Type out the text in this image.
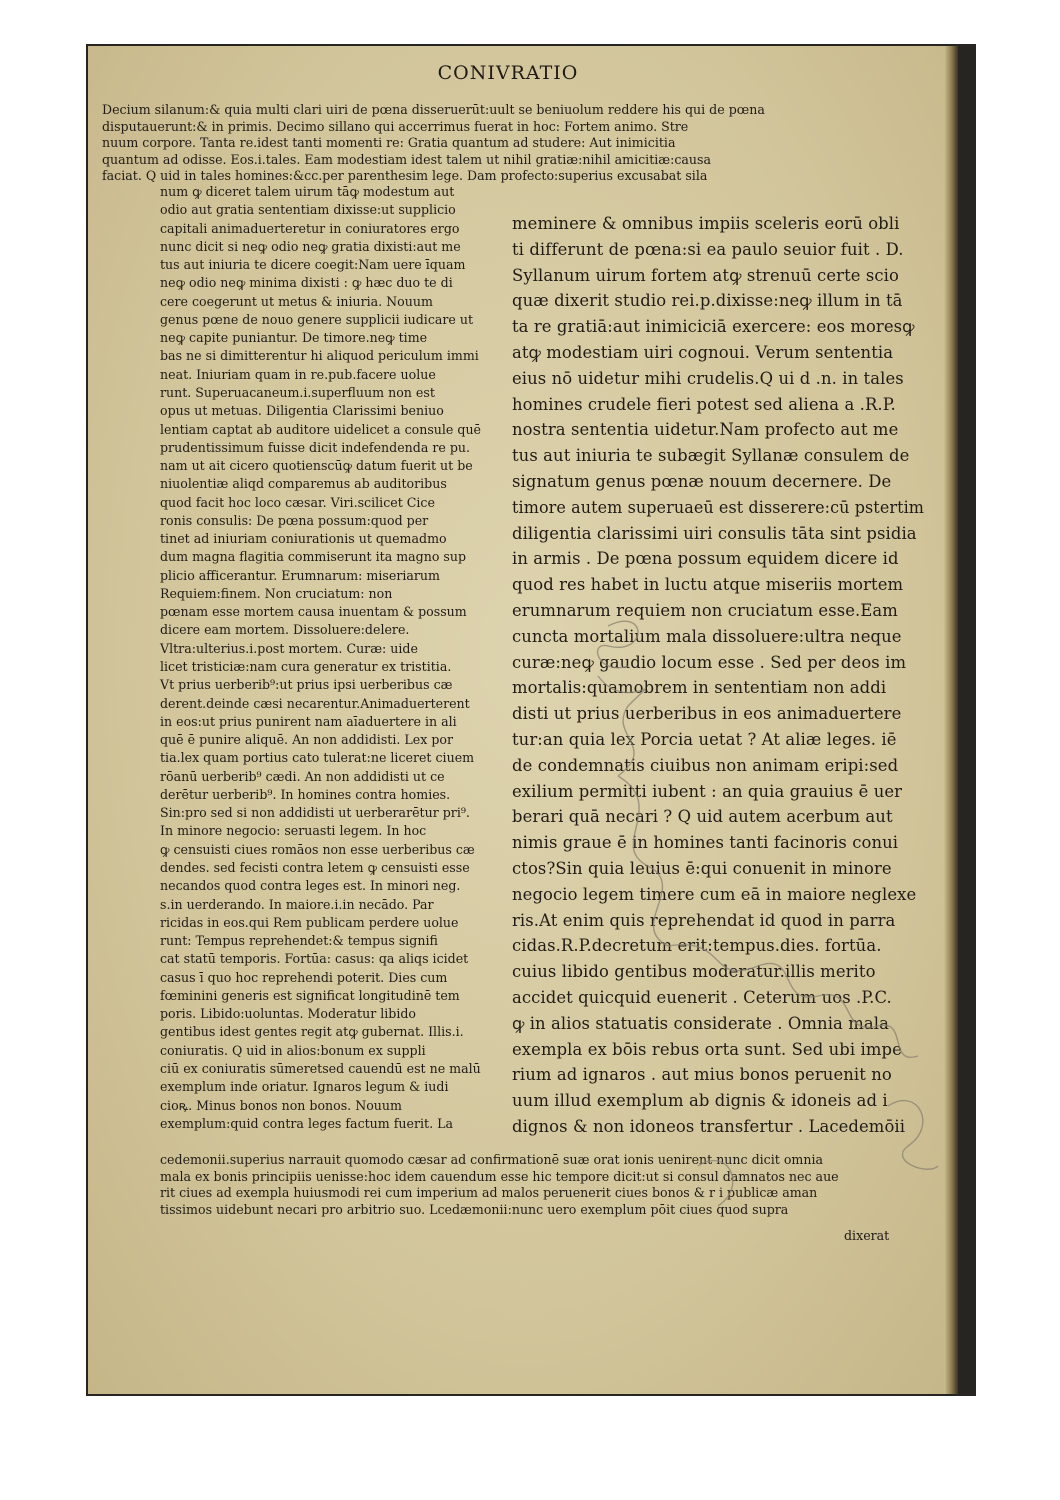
CONIVRATIO
Decium silanum:& quia multi clari uiri de pœna disseruerūt:uult se beniuolum reddere his qui de pœna
disputauerunt:& in primis. Decimo sillano qui accerrimus fuerat in hoc: Fortem animo. Stre
nuum corpore. Tanta re.idest tanti momenti re: Gratia quantum ad studere: Aut inimicitia
quantum ad odisse. Eos.i.tales. Eam modestiam idest talem ut nihil gratiæ:nihil amicitiæ:causa
faciat. Q uid in tales homines:&cc.per parenthesim lege. Dam profecto:superius excusabat sila
num ꝙ diceret talem uirum tāꝙ modestum aut
odio aut gratia sententiam dixisse:ut supplicio
capitali animaduerteretur in coniuratores ergo
nunc dicit si neꝙ odio neꝙ gratia dixisti:aut me
tus aut iniuria te dicere coegit:Nam uere īquam
neꝙ odio neꝙ minima dixisti : ꝙ hæc duo te di
cere coegerunt ut metus & iniuria. Nouum
genus pœne de nouo genere supplicii iudicare ut
neꝙ capite puniantur. De timore.neꝙ time
bas ne si dimitterentur hi aliquod periculum immi
neat. Iniuriam quam in re.pub.facere uolue
runt. Superuacaneum.i.superfluum non est
opus ut metuas. Diligentia Clarissimi beniuo
lentiam captat ab auditore uidelicet a consule quē
prudentissimum fuisse dicit indefendenda re pu.
nam ut ait cicero quotienscūꝙ datum fuerit ut be
niuolentiæ aliqd comparemus ab auditoribus
quod facit hoc loco cæsar. Viri.scilicet Cice
ronis consulis: De pœna possum:quod per
tinet ad iniuriam coniurationis ut quemadmo
dum magna flagitia commiserunt ita magno sup
plicio afficerantur. Erumnarum: miseriarum
Requiem:finem. Non cruciatum: non
pœnam esse mortem causa inuentam & possum
dicere eam mortem. Dissoluere:delere.
Vltra:ulterius.i.post mortem. Curæ: uide
licet tristiciæ:nam cura generatur ex tristitia.
Vt prius uerberib⁹:ut prius ipsi uerberibus cæ
derent.deinde cæsi necarentur.Animaduerterent
in eos:ut prius punirent nam aīaduertere in ali
quē ē punire aliquē. An non addidisti. Lex por
tia.lex quam portius cato tulerat:ne liceret ciuem
rōanū uerberib⁹ cædi. An non addidisti ut ce
derētur uerberib⁹. In homines contra homies.
Sin:pro sed si non addidisti ut uerberarētur pri⁹.
In minore negocio: seruasti legem. In hoc
ꝙ censuisti ciues romāos non esse uerberibus cæ
dendes. sed fecisti contra letem ꝙ censuisti esse
necandos quod contra leges est. In minori neg.
s.in uerderando. In maiore.i.in necādo. Par
ricidas in eos.qui Rem publicam perdere uolue
runt: Tempus reprehendet:& tempus signifi
cat statū temporis. Fortūa: casus: qa aliqs icidet
casus ī quo hoc reprehendi poterit. Dies cum
fœminini generis est significat longitudinē tem
poris. Libido:uoluntas. Moderatur libido
gentibus idest gentes regit atꝙ gubernat. Illis.i.
coniuratis. Q uid in alios:bonum ex suppli
ciū ex coniuratis sūmeretsed cauendū est ne malū
exemplum inde oriatur. Ignaros legum & iudi
cioꝶ. Minus bonos non bonos. Nouum
exemplum:quid contra leges factum fuerit. La
meminere & omnibus impiis sceleris eorū obli
ti differunt de pœna:si ea paulo seuior fuit . D.
Syllanum uirum fortem atꝙ strenuū certe scio
quæ dixerit studio rei.p.dixisse:neꝙ illum in tā
ta re gratiā:aut inimiciciā exercere: eos moresꝙ
atꝙ modestiam uiri cognoui. Verum sententia
eius nō uidetur mihi crudelis.Q ui d .n. in tales
homines crudele fieri potest sed aliena a .R.P.
nostra sententia uidetur.Nam profecto aut me
tus aut iniuria te subægit Syllanæ consulem de
signatum genus pœnæ nouum decernere. De
timore autem superuaeū est disserere:cū pstertim
diligentia clarissimi uiri consulis tāta sint psidia
in armis . De pœna possum equidem dicere id
quod res habet in luctu atque miseriis mortem
erumnarum requiem non cruciatum esse.Eam
cuncta mortalium mala dissoluere:ultra neque
curæ:neꝙ gaudio locum esse . Sed per deos im
mortalis:quamobrem in sententiam non addi
disti ut prius uerberibus in eos animaduertere
tur:an quia lex Porcia uetat ? At aliæ leges. iē
de condemnatis ciuibus non animam eripi:sed
exilium permitti iubent : an quia grauius ē uer
berari quā necari ? Q uid autem acerbum aut
nimis graue ē in homines tanti facinoris conui
ctos?Sin quia leuius ē:qui conuenit in minore
negocio legem timere cum eā in maiore neglexe
ris.At enim quis reprehendat id quod in parra
cidas.R.P.decretum erit:tempus.dies. fortūa.
cuius libido gentibus moderatur.illis merito
accidet quicquid euenerit . Ceterum uos .P.C.
ꝙ in alios statuatis considerate . Omnia mala
exempla ex bōis rebus orta sunt. Sed ubi impe
rium ad ignaros . aut mius bonos peruenit no
uum illud exemplum ab dignis & idoneis ad i
dignos & non idoneos transfertur . Lacedemōii
cedemonii.superius narrauit quomodo cæsar ad confirmationē suæ orat ionis uenirent nunc dicit omnia
mala ex bonis principiis uenisse:hoc idem cauendum esse hic tempore dicit:ut si consul damnatos nec aue
rit ciues ad exempla huiusmodi rei cum imperium ad malos peruenerit ciues bonos & r i publicæ aman
tissimos uidebunt necari pro arbitrio suo. Lcedæmonii:nunc uero exemplum pōit ciues quod supra
dixerat
